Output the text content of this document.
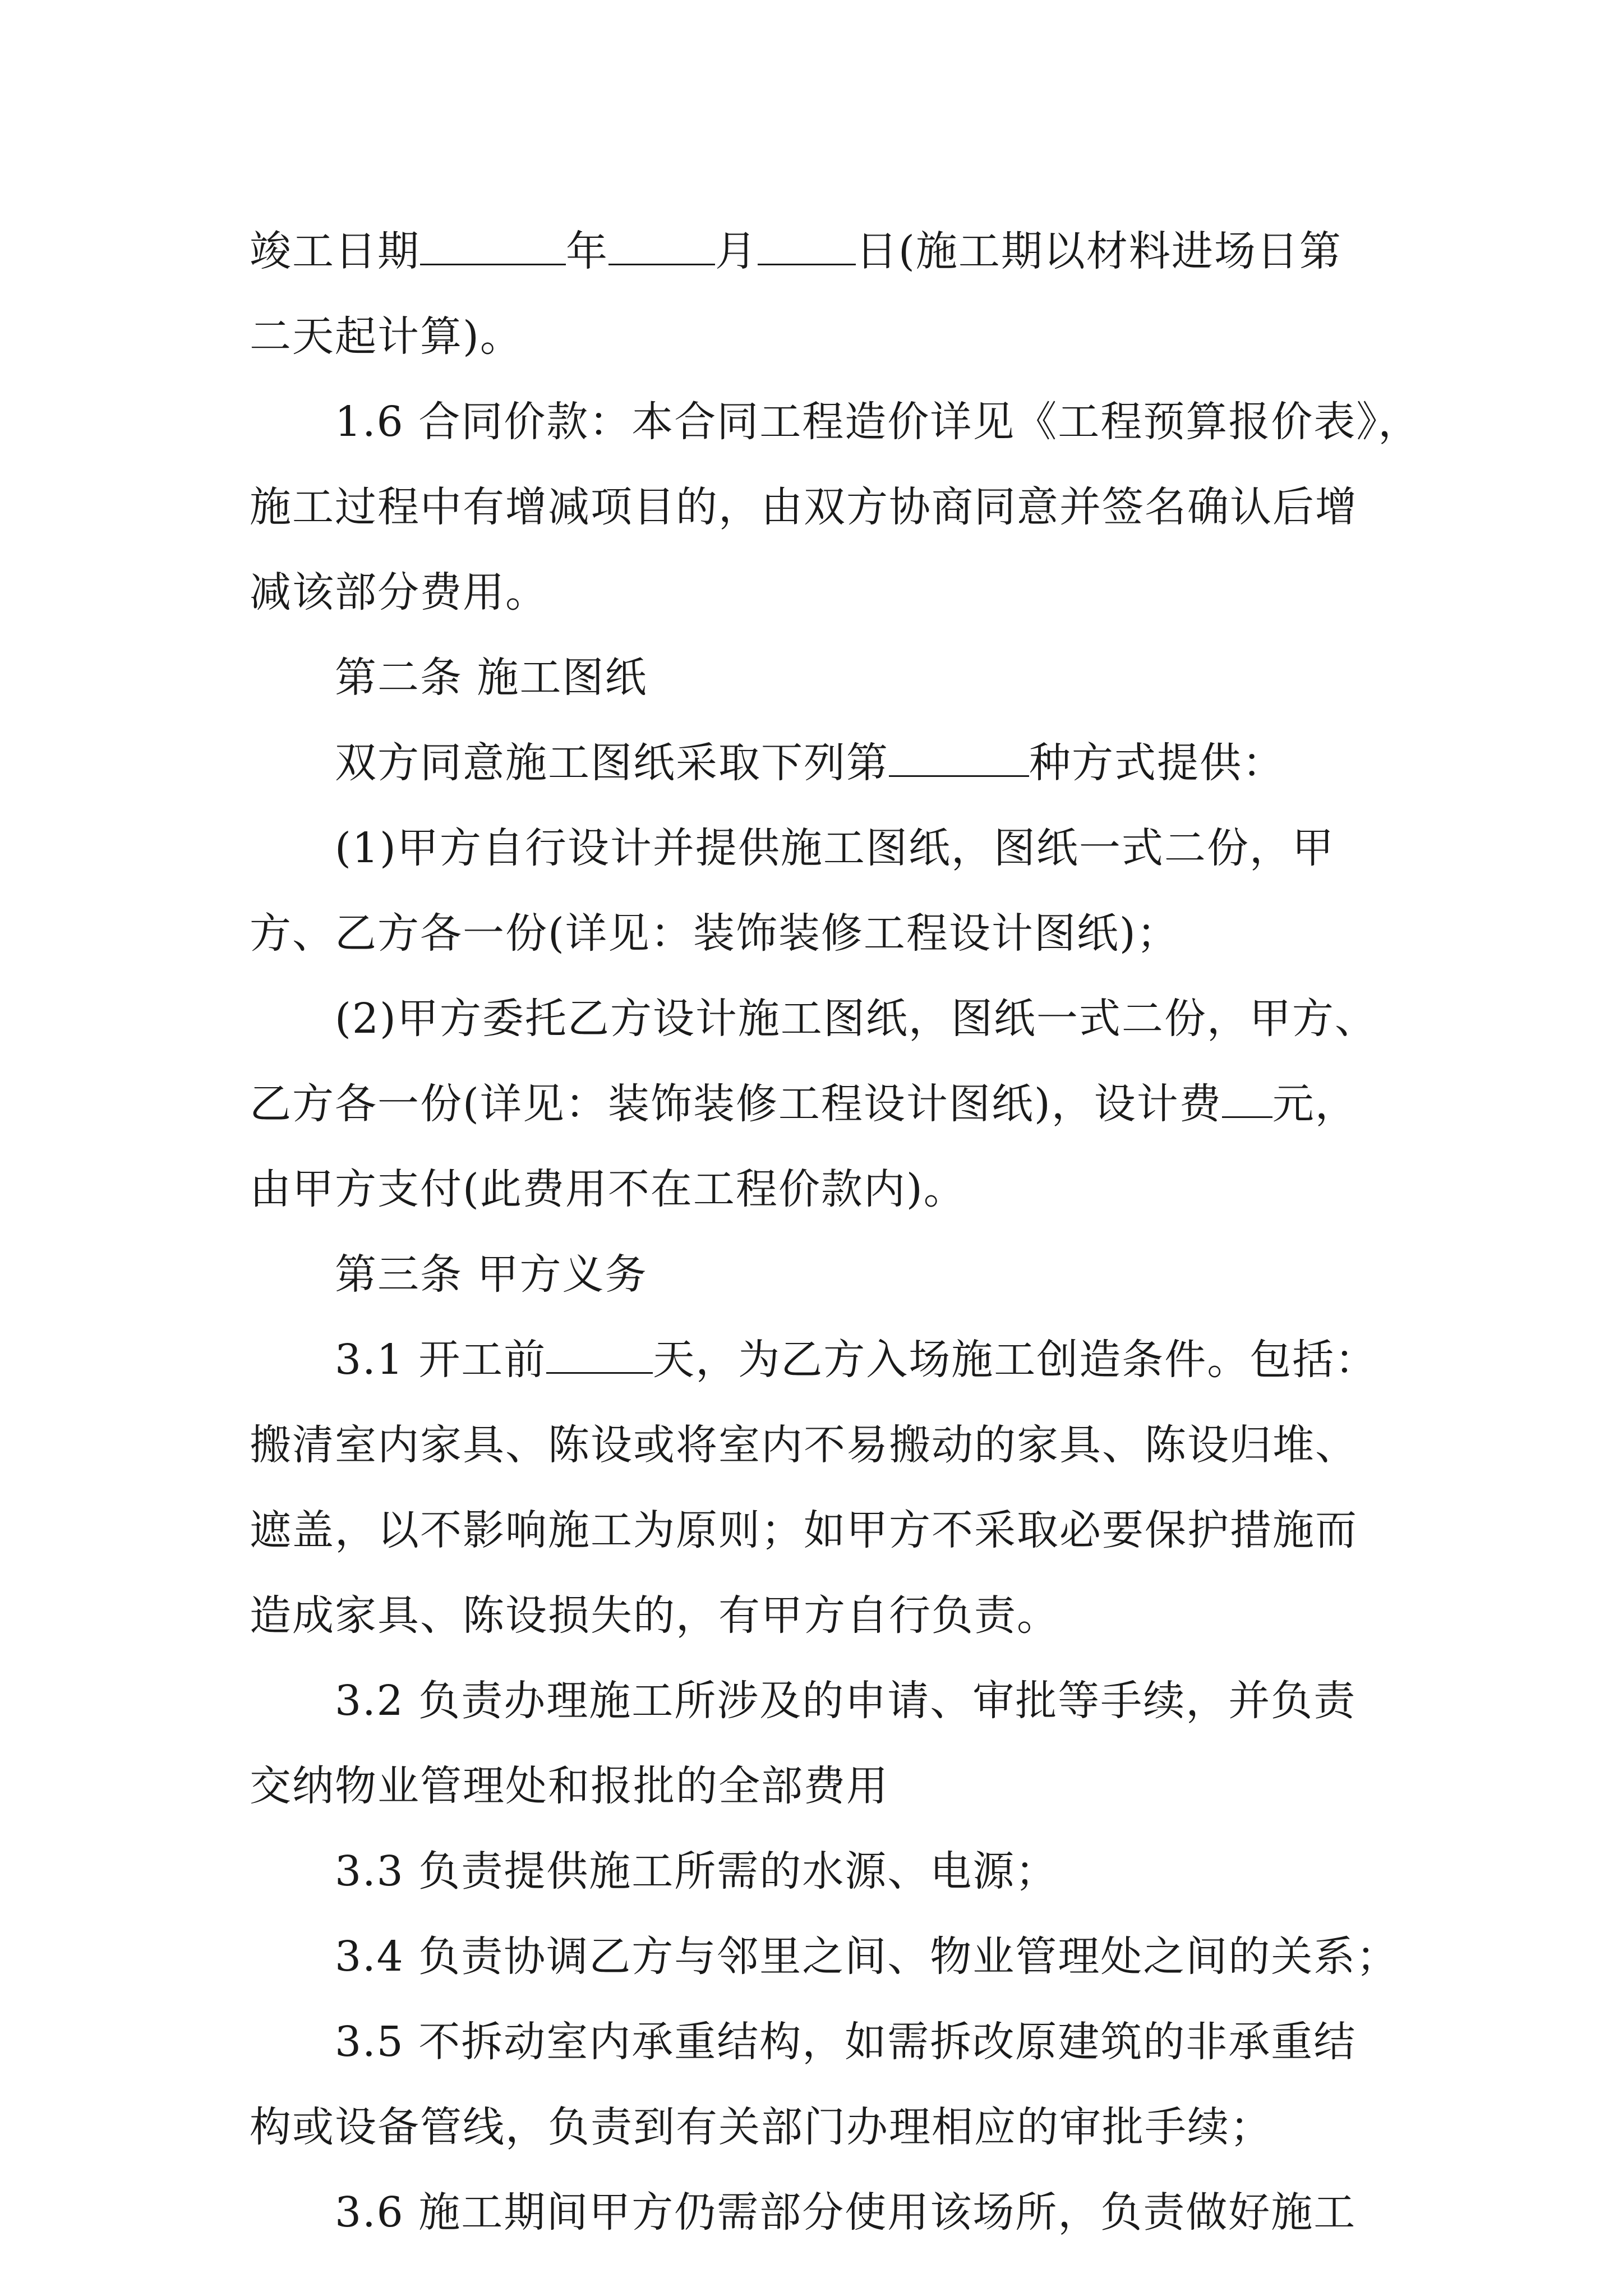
竣工日期	年	月 日(施工期以材料进场日第
二天起计算)。
1.6 合同价款：本合同工程造价详见《工程预算报价表》，
施工过程中有增减项目的，由双方协商同意并签名确认后增
减该部分费用。
第二条 施工图纸
双方同意施工图纸采取下列第	种方式提供：
(1)甲方自行设计并提供施工图纸，图纸一式二份，甲
方、乙方各一份(详见：装饰装修工程设计图纸)；
(2)甲方委托乙方设计施工图纸，图纸一式二份，甲方、
乙方各一份(详见：装饰装修工程设计图纸)，设计费 元，
由甲方支付(此费用不在工程价款内)。
第三条 甲方义务
3.1 开工前	天，为乙方入场施工创造条件。包括：
搬清室内家具、陈设或将室内不易搬动的家具、陈设归堆、
遮盖，以不影响施工为原则；如甲方不采取必要保护措施而
造成家具、陈设损失的，有甲方自行负责。
3.2 负责办理施工所涉及的申请、审批等手续，并负责
交纳物业管理处和报批的全部费用
3.3 负责提供施工所需的水源、电源；
3.4 负责协调乙方与邻里之间、物业管理处之间的关系；
3.5 不拆动室内承重结构，如需拆改原建筑的非承重结
构或设备管线，负责到有关部门办理相应的审批手续；
3.6 施工期间甲方仍需部分使用该场所，负责做好施工
